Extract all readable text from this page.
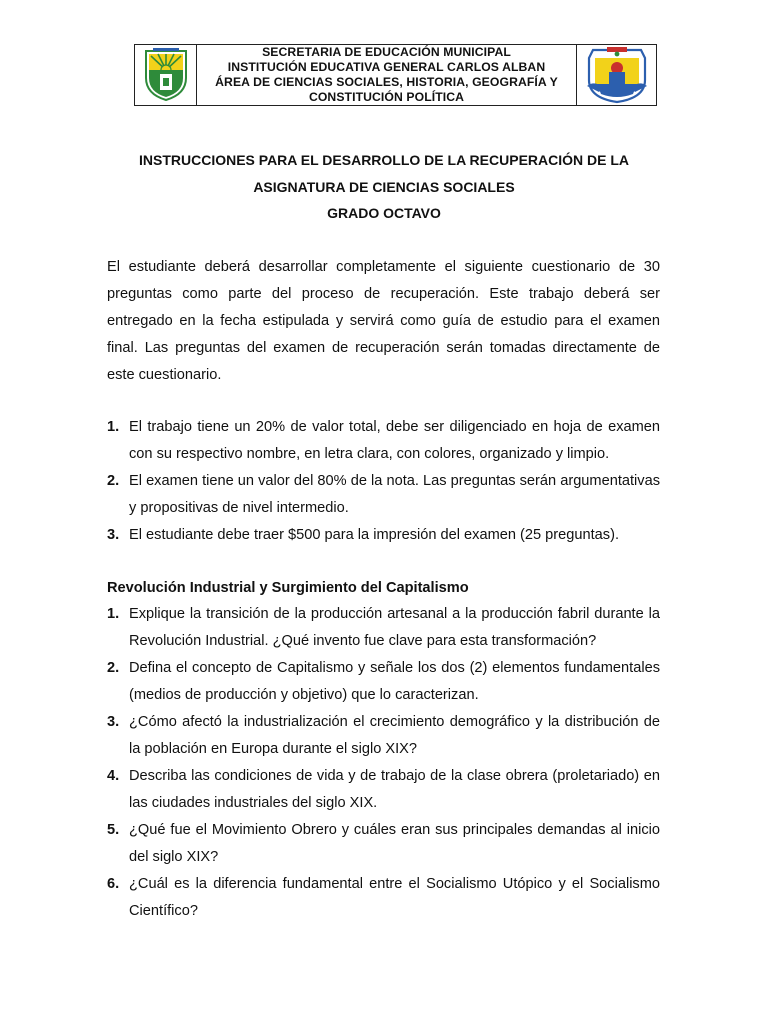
SECRETARIA DE EDUCACIÓN MUNICIPAL
INSTITUCIÓN EDUCATIVA GENERAL CARLOS ALBAN
ÁREA DE CIENCIAS SOCIALES, HISTORIA, GEOGRAFÍA Y
CONSTITUCIÓN POLÍTICA
INSTRUCCIONES PARA EL DESARROLLO DE LA RECUPERACIÓN DE LA
ASIGNATURA DE CIENCIAS SOCIALES
GRADO OCTAVO

El estudiante deberá desarrollar completamente el siguiente cuestionario de 30 preguntas como parte del proceso de recuperación. Este trabajo deberá ser entregado en la fecha estipulada y servirá como guía de estudio para el examen final. Las preguntas del examen de recuperación serán tomadas directamente de este cuestionario.

1. El trabajo tiene un 20% de valor total, debe ser diligenciado en hoja de examen con su respectivo nombre, en letra clara, con colores, organizado y limpio.
2. El examen tiene un valor del 80% de la nota. Las preguntas serán argumentativas y propositivas de nivel intermedio.
3. El estudiante debe traer $500 para la impresión del examen (25 preguntas).
Revolución Industrial y Surgimiento del Capitalismo
1. Explique la transición de la producción artesanal a la producción fabril durante la Revolución Industrial. ¿Qué invento fue clave para esta transformación?
2. Defina el concepto de Capitalismo y señale los dos (2) elementos fundamentales (medios de producción y objetivo) que lo caracterizan.
3. ¿Cómo afectó la industrialización el crecimiento demográfico y la distribución de la población en Europa durante el siglo XIX?
4. Describa las condiciones de vida y de trabajo de la clase obrera (proletariado) en las ciudades industriales del siglo XIX.
5. ¿Qué fue el Movimiento Obrero y cuáles eran sus principales demandas al inicio del siglo XIX?
6. ¿Cuál es la diferencia fundamental entre el Socialismo Utópico y el Socialismo Científico?
